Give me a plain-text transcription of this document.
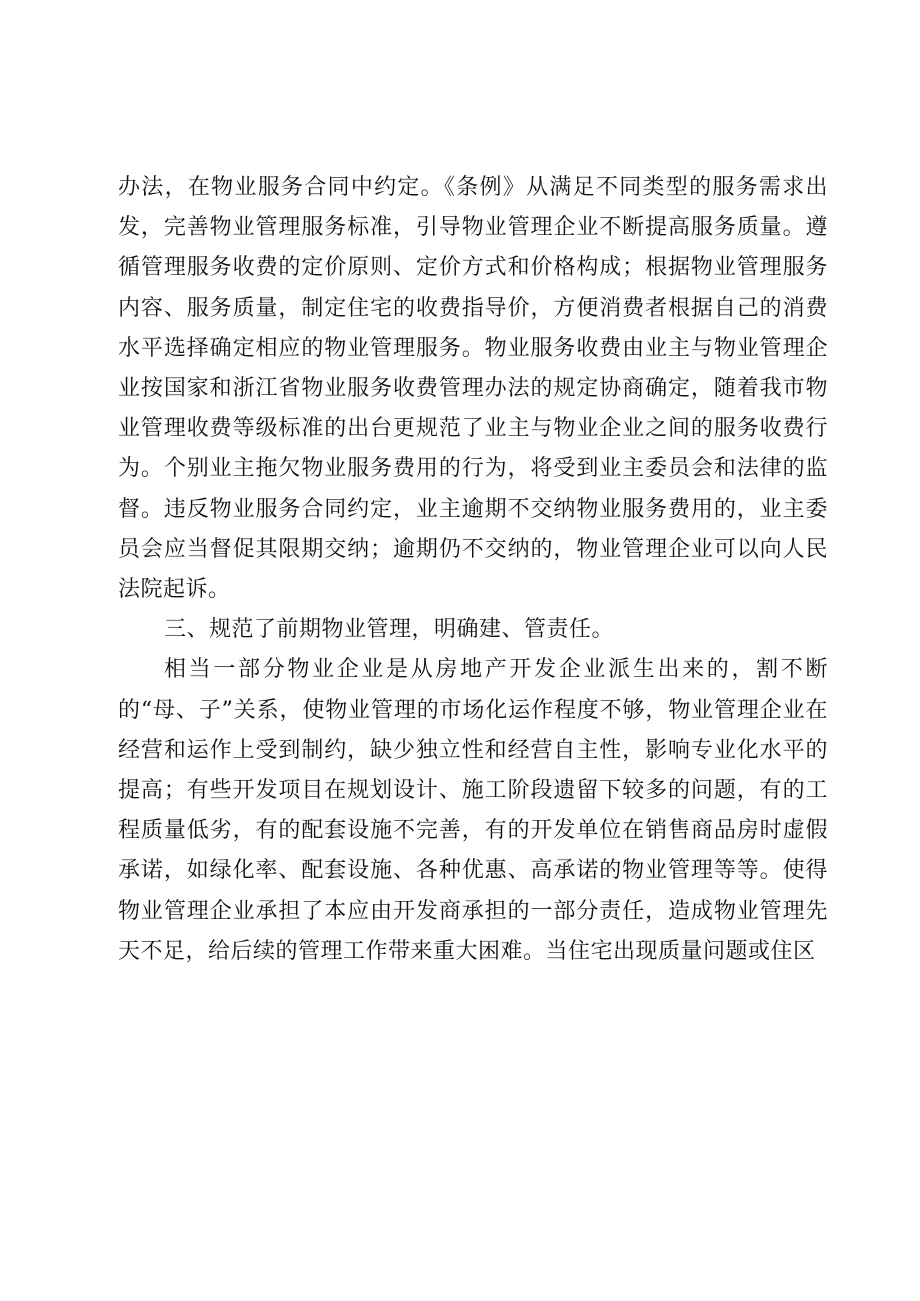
办法，在物业服务合同中约定。《条例》从满足不同类型的服务需求出发，完善物业管理服务标准，引导物业管理企业不断提高服务质量。遵循管理服务收费的定价原则、定价方式和价格构成；根据物业管理服务内容、服务质量，制定住宅的收费指导价，方便消费者根据自己的消费水平选择确定相应的物业管理服务。物业服务收费由业主与物业管理企业按国家和浙江省物业服务收费管理办法的规定协商确定，随着我市物业管理收费等级标准的出台更规范了业主与物业企业之间的服务收费行为。个别业主拖欠物业服务费用的行为，将受到业主委员会和法律的监督。违反物业服务合同约定，业主逾期不交纳物业服务费用的，业主委员会应当督促其限期交纳；逾期仍不交纳的，物业管理企业可以向人民法院起诉。

三、规范了前期物业管理，明确建、管责任。

相当一部分物业企业是从房地产开发企业派生出来的，割不断的“母、子”关系，使物业管理的市场化运作程度不够，物业管理企业在经营和运作上受到制约，缺少独立性和经营自主性，影响专业化水平的提高；有些开发项目在规划设计、施工阶段遗留下较多的问题，有的工程质量低劣，有的配套设施不完善，有的开发单位在销售商品房时虚假承诺，如绿化率、配套设施、各种优惠、高承诺的物业管理等等。使得物业管理企业承担了本应由开发商承担的一部分责任，造成物业管理先天不足，给后续的管理工作带来重大困难。当住宅出现质量问题或住区
